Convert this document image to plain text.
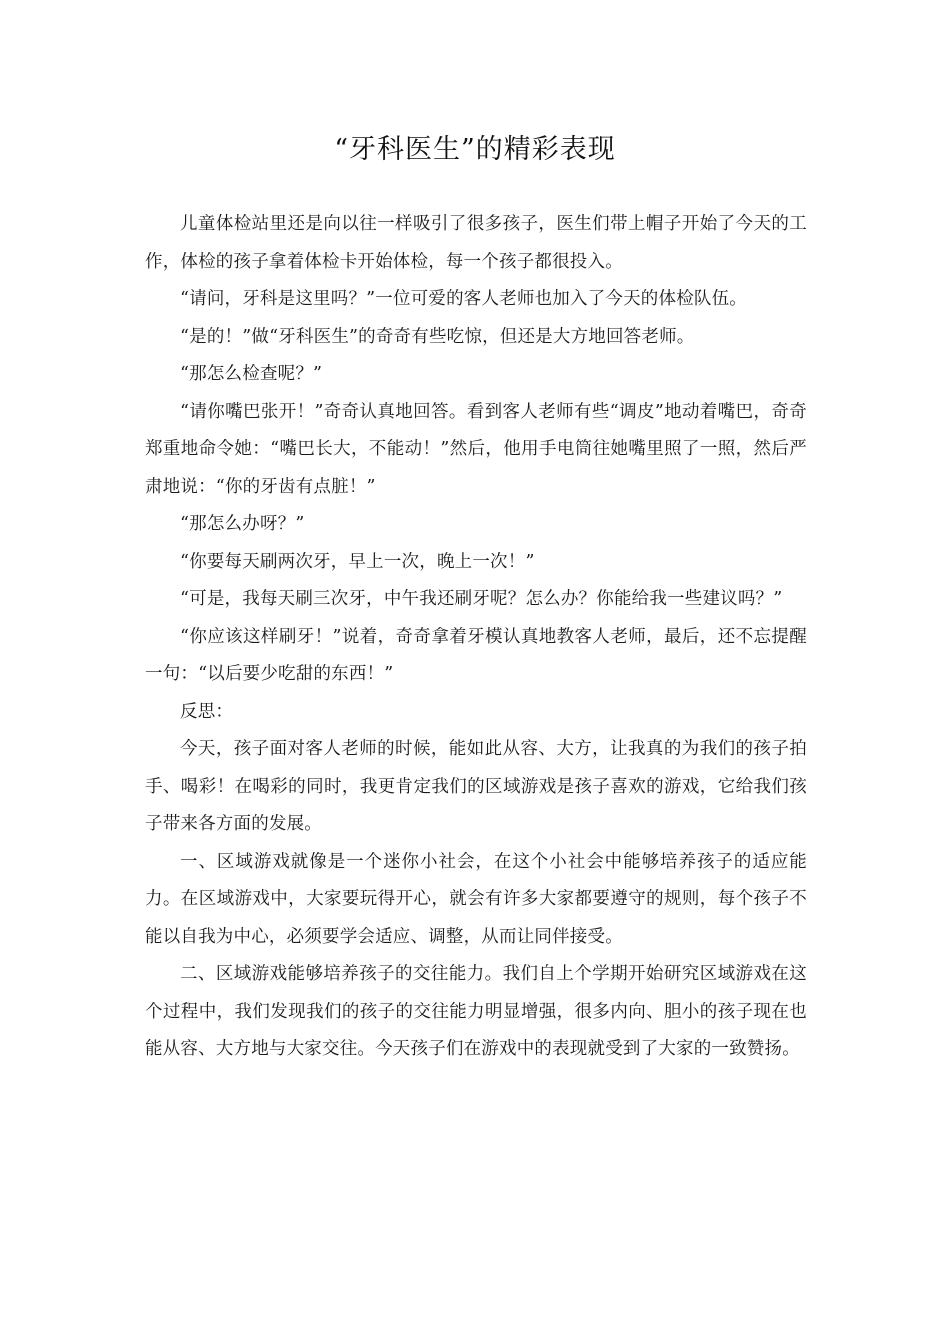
“牙科医生”的精彩表现

儿童体检站里还是向以往一样吸引了很多孩子，医生们带上帽子开始了今天的工作，体检的孩子拿着体检卡开始体检，每一个孩子都很投入。

“请问，牙科是这里吗？”一位可爱的客人老师也加入了今天的体检队伍。

“是的！”做“牙科医生”的奇奇有些吃惊，但还是大方地回答老师。

“那怎么检查呢？”

“请你嘴巴张开！”奇奇认真地回答。看到客人老师有些“调皮”地动着嘴巴，奇奇郑重地命令她：“嘴巴长大，不能动！”然后，他用手电筒往她嘴里照了一照，然后严肃地说：“你的牙齿有点脏！”

“那怎么办呀？”

“你要每天刷两次牙，早上一次，晚上一次！”

“可是，我每天刷三次牙，中午我还刷牙呢？怎么办？你能给我一些建议吗？”

“你应该这样刷牙！”说着，奇奇拿着牙模认真地教客人老师，最后，还不忘提醒一句：“以后要少吃甜的东西！”

反思：

今天，孩子面对客人老师的时候，能如此从容、大方，让我真的为我们的孩子拍手、喝彩！在喝彩的同时，我更肯定我们的区域游戏是孩子喜欢的游戏，它给我们孩子带来各方面的发展。

一、区域游戏就像是一个迷你小社会，在这个小社会中能够培养孩子的适应能力。在区域游戏中，大家要玩得开心，就会有许多大家都要遵守的规则，每个孩子不能以自我为中心，必须要学会适应、调整，从而让同伴接受。

二、区域游戏能够培养孩子的交往能力。我们自上个学期开始研究区域游戏在这个过程中，我们发现我们的孩子的交往能力明显增强，很多内向、胆小的孩子现在也能从容、大方地与大家交往。今天孩子们在游戏中的表现就受到了大家的一致赞扬。
